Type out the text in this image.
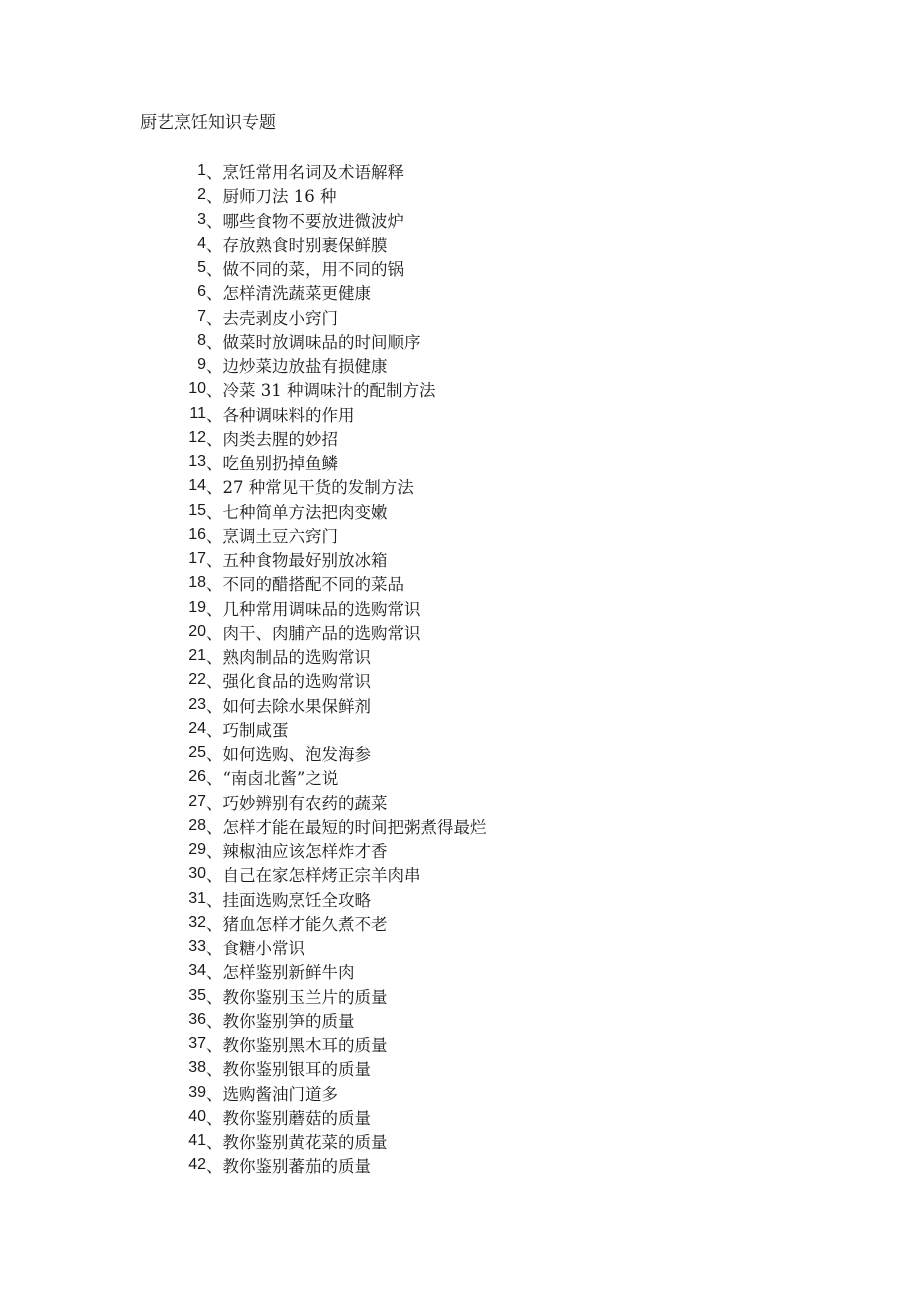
厨艺烹饪知识专题
1 、 烹饪常用名词及术语解释
2 、 厨师刀法 16 种
3 、 哪些食物不要放进微波炉
4 、 存放熟食时别裹保鲜膜
5 、 做不同的菜，用不同的锅
6 、 怎样清洗蔬菜更健康
7 、 去壳剥皮小窍门
8 、 做菜时放调味品的时间顺序
9 、 边炒菜边放盐有损健康
10 、 冷菜 31 种调味汁的配制方法
11 、 各种调味料的作用
12 、 肉类去腥的妙招
13 、 吃鱼别扔掉鱼鳞
14 、 27 种常见干货的发制方法
15 、 七种简单方法把肉变嫩
16 、 烹调土豆六窍门
17 、 五种食物最好别放冰箱
18 、 不同的醋搭配不同的菜品
19 、 几种常用调味品的选购常识
20 、 肉干、肉脯产品的选购常识
21 、 熟肉制品的选购常识
22 、 强化食品的选购常识
23 、 如何去除水果保鲜剂
24 、 巧制咸蛋
25 、 如何选购、泡发海参
26 、 “南卤北酱”之说
27 、 巧妙辨别有农药的蔬菜
28 、 怎样才能在最短的时间把粥煮得最烂
29 、 辣椒油应该怎样炸才香
30 、 自己在家怎样烤正宗羊肉串
31 、 挂面选购烹饪全攻略
32 、 猪血怎样才能久煮不老
33 、 食糖小常识
34 、 怎样鉴别新鲜牛肉
35 、 教你鉴别玉兰片的质量
36 、 教你鉴别笋的质量
37 、 教你鉴别黑木耳的质量
38 、 教你鉴别银耳的质量
39 、 选购酱油门道多
40 、 教你鉴别蘑菇的质量
41 、 教你鉴别黄花菜的质量
42 、 教你鉴别蕃茄的质量
